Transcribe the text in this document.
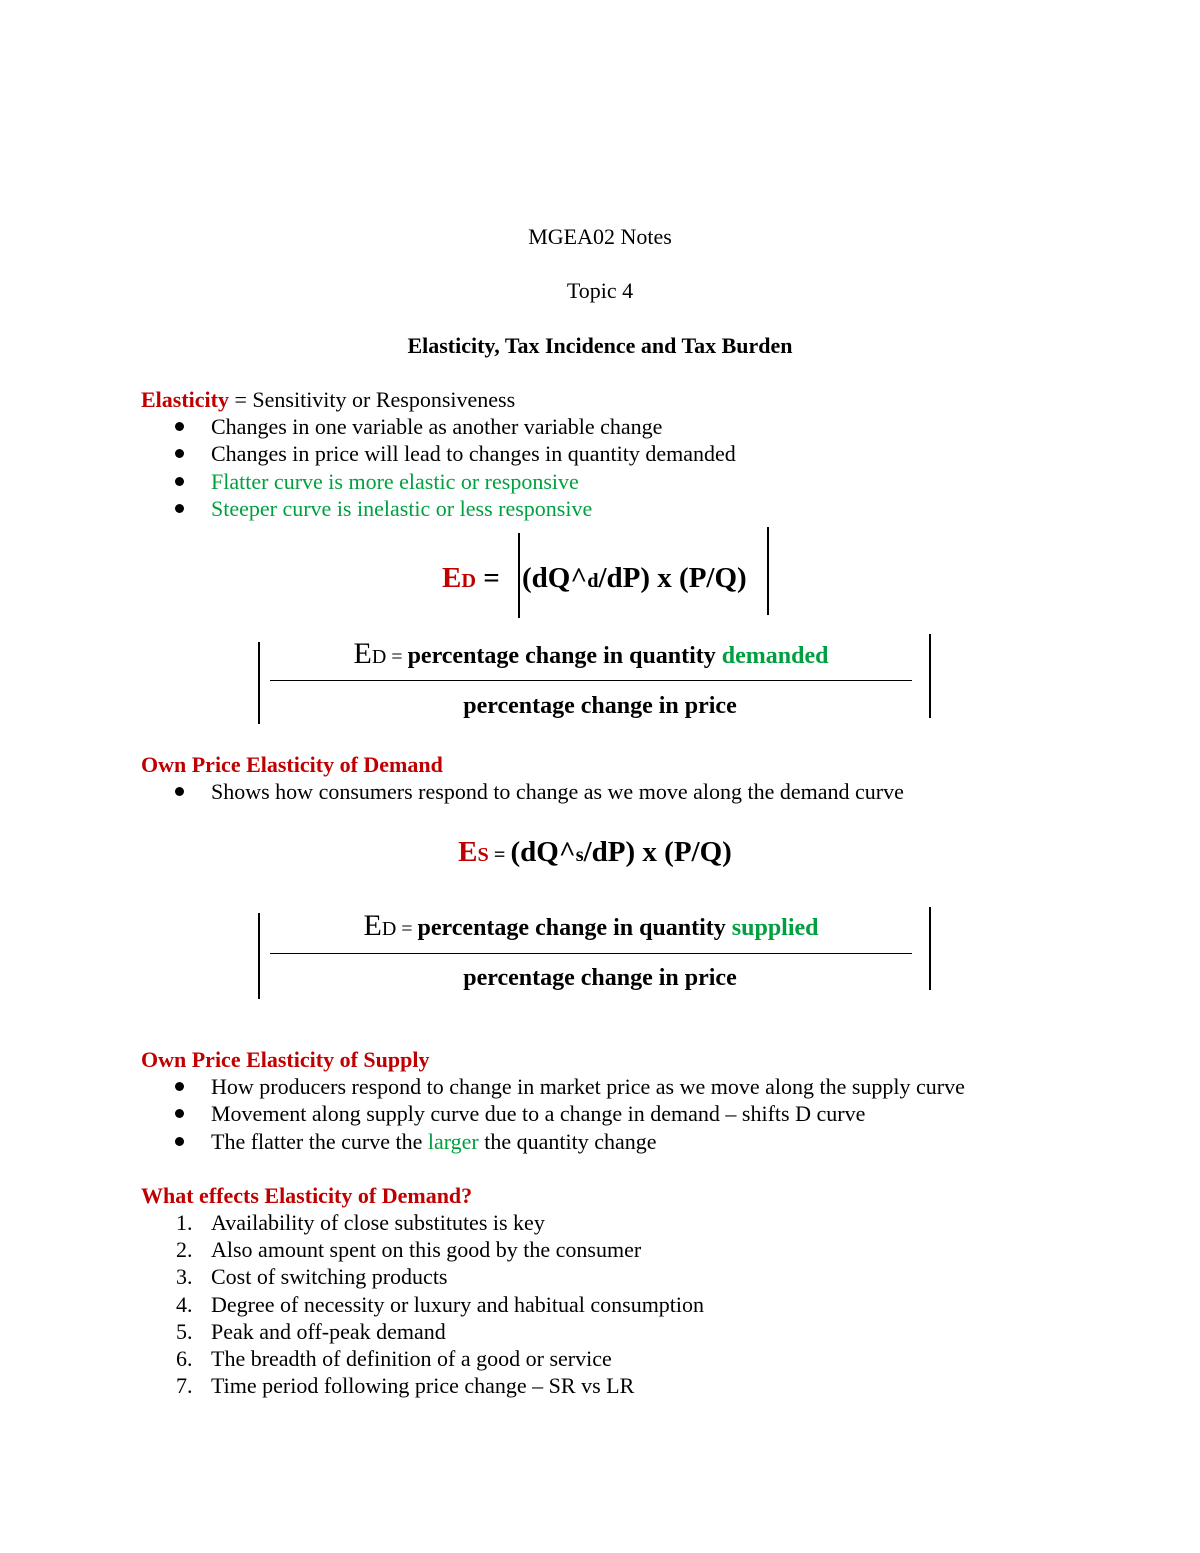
MGEA02 Notes
Topic 4
Elasticity, Tax Incidence and Tax Burden
Elasticity = Sensitivity or Responsiveness
Changes in one variable as another variable change
Changes in price will lead to changes in quantity demanded
Flatter curve is more elastic or responsive
Steeper curve is inelastic or less responsive
ED = (dQ^d/dP) x (P/Q)
ED = percentage change in quantity demanded
percentage change in price
Own Price Elasticity of Demand
Shows how consumers respond to change as we move along the demand curve
ES = (dQ^s/dP) x (P/Q)
ED = percentage change in quantity supplied
percentage change in price
Own Price Elasticity of Supply
How producers respond to change in market price as we move along the supply curve
Movement along supply curve due to a change in demand – shifts D curve
The flatter the curve the larger the quantity change
What effects Elasticity of Demand?
1. Availability of close substitutes is key
2. Also amount spent on this good by the consumer
3. Cost of switching products
4. Degree of necessity or luxury and habitual consumption
5. Peak and off-peak demand
6. The breadth of definition of a good or service
7. Time period following price change – SR vs LR
